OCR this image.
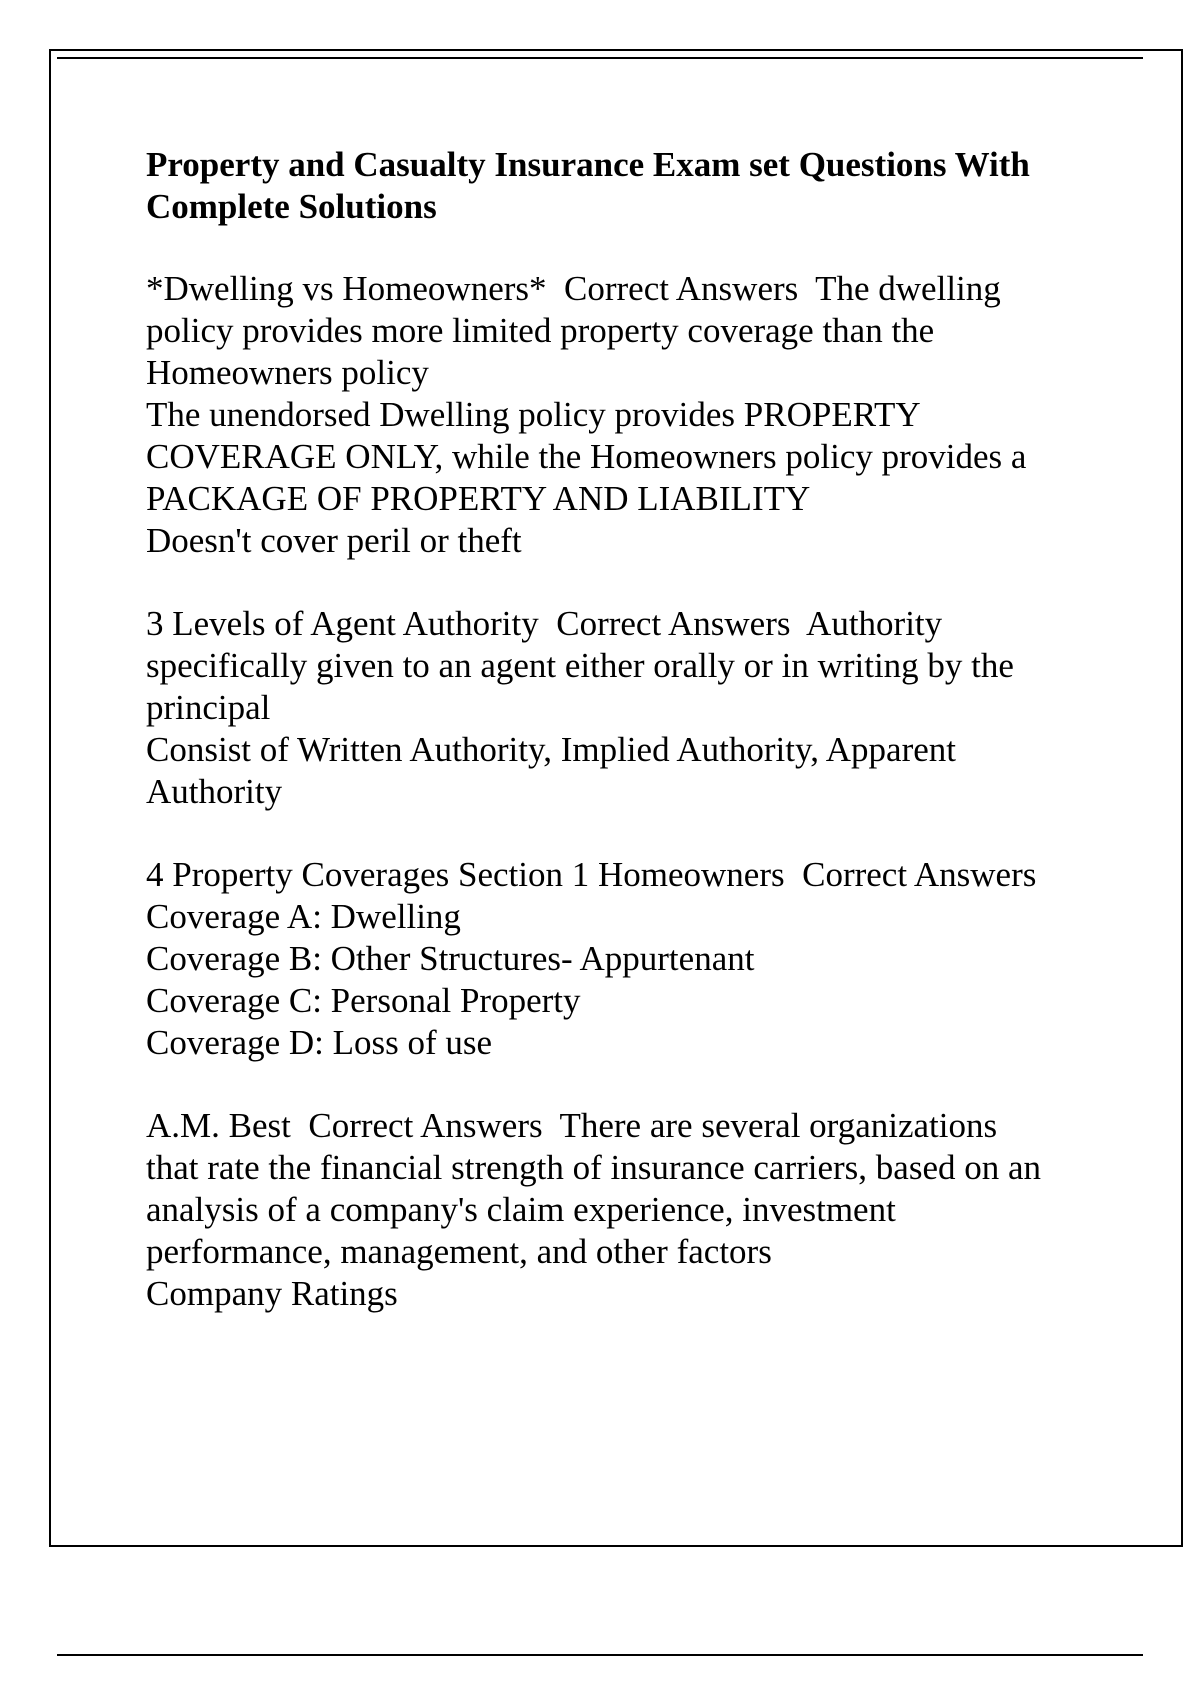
Property and Casualty Insurance Exam set Questions With
Complete Solutions
*Dwelling vs Homeowners*  Correct Answers  The dwelling
policy provides more limited property coverage than the
Homeowners policy
The unendorsed Dwelling policy provides PROPERTY
COVERAGE ONLY, while the Homeowners policy provides a
PACKAGE OF PROPERTY AND LIABILITY
Doesn't cover peril or theft
3 Levels of Agent Authority  Correct Answers  Authority
specifically given to an agent either orally or in writing by the
principal
Consist of Written Authority, Implied Authority, Apparent
Authority
4 Property Coverages Section 1 Homeowners  Correct Answers
Coverage A: Dwelling
Coverage B: Other Structures- Appurtenant
Coverage C: Personal Property
Coverage D: Loss of use
A.M. Best  Correct Answers  There are several organizations
that rate the financial strength of insurance carriers, based on an
analysis of a company's claim experience, investment
performance, management, and other factors
Company Ratings
